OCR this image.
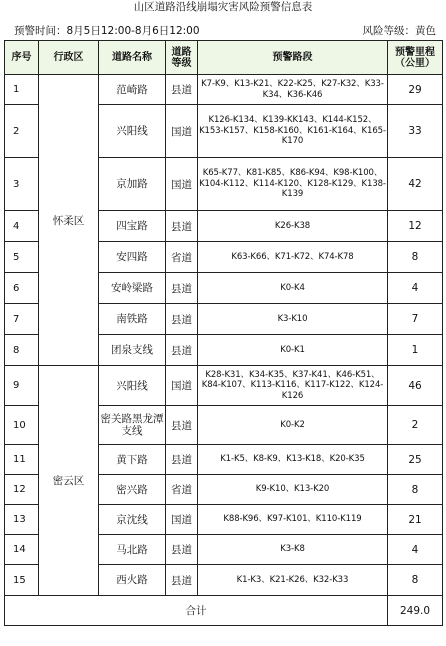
山区道路沿线崩塌灾害风险预警信息表
预警时间：8月5日12:00-8月6日12:00	风险等级：黄色
序号	行政区	道路名称	道路等级	预警路段	预警里程（公里）
1	怀柔区	范崎路	县道	K7-K9、K13-K21、K22-K25、K27-K32、K33-K34、K36-K46	29
2		兴阳线	国道	K126-K134、K139-KK143、K144-K152、K153-K157、K158-K160、K161-K164、K165-K170	33
3		京加路	国道	K65-K77、K81-K85、K86-K94、K98-K100、K104-K112、K114-K120、K128-K129、K138-K139	42
4		四宝路	县道	K26-K38	12
5		安四路	省道	K63-K66、K71-K72、K74-K78	8
6		安岭梁路	县道	K0-K4	4
7		南铁路	县道	K3-K10	7
8		团泉支线	县道	K0-K1	1
9	密云区	兴阳线	国道	K28-K31、K34-K35、K37-K41、K46-K51、K84-K107、K113-K116、K117-K122、K124-K126	46
10		密关路黑龙潭支线	县道	K0-K2	2
11		黄下路	县道	K1-K5、K8-K9、K13-K18、K20-K35	25
12		密兴路	省道	K9-K10、K13-K20	8
13		京沈线	国道	K88-K96、K97-K101、K110-K119	21
14		马北路	县道	K3-K8	4
15		西火路	县道	K1-K3、K21-K26、K32-K33	8
合计					249.0
